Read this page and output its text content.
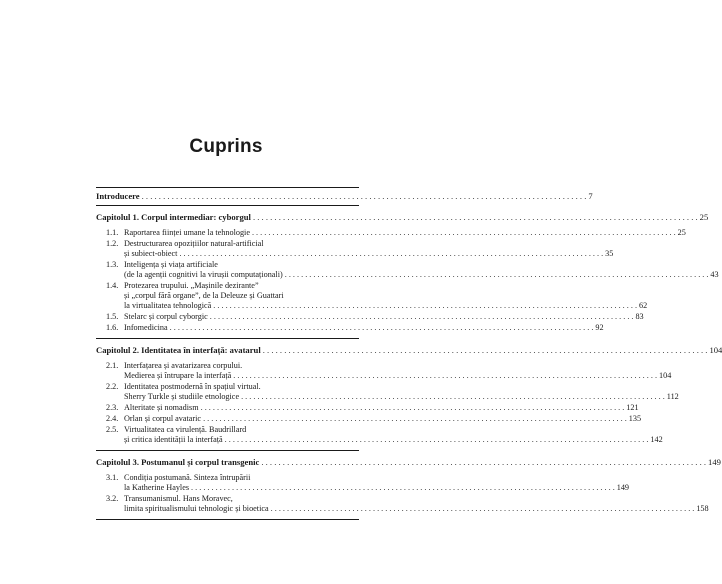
Cuprins
Introducere . . .	7
Capitolul 1. Corpul intermediar: cyborgul . . .	25
1.1. Raportarea ființei umane la tehnologie . . .	25
1.2. Destructurarea opozițiilor natural-artificial
și subiect-obiect . . .	35
1.3. Inteligența și viața artificiale
(de la agenții cognitivi la virușii computaționali) . . .	43
1.4. Protezarea trupului. „Mașinile dezirante”
și „corpul fără organe”, de la Deleuze și Guattari
la virtualitatea tehnologică . . .	62
1.5. Stelarc și corpul cyborgic . . .	83
1.6. Infomedicina . . .	92
Capitolul 2. Identitatea în interfață: avatarul . . .	104
2.1. Interfațarea și avatarizarea corpului.
Medierea și întrupare la interfață . . .	104
2.2. Identitatea postmodernă în spațiul virtual.
Sherry Turkle și studiile etnologice . . .	112
2.3. Alteritate și nomadism . . .	121
2.4. Orlan și corpul avataric . . .	135
2.5. Virtualitatea ca virulență. Baudrillard
și critica identității la interfață . . .	142
Capitolul 3. Postumanul și corpul transgenic . . .	149
3.1. Condiția postumană. Sinteza întrupării
la Katherine Hayles . . .	149
3.2. Transumanismul. Hans Moravec,
limita spiritualismului tehnologic și bioetica . . .	158
